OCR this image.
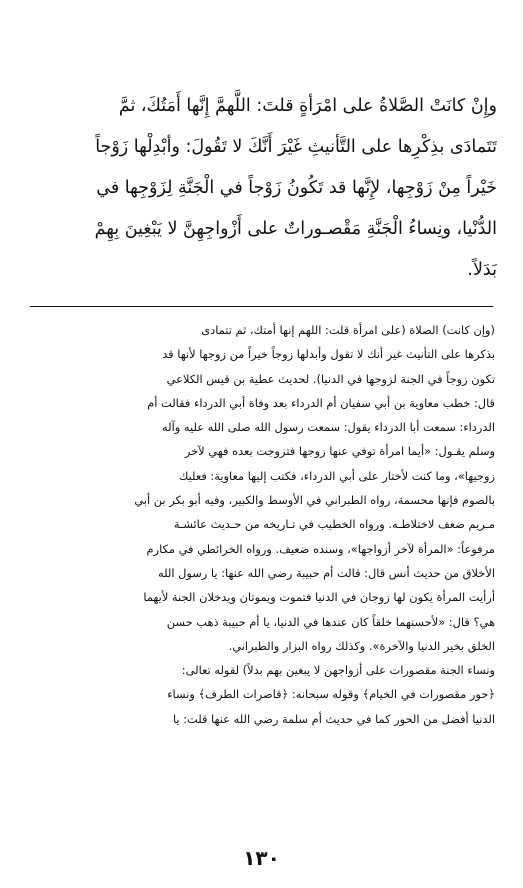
وإِنْ كانَتْ الصَّلاةُ على امْرَأةٍ قلتَ: اللَّهمَّ إِنَّها أَمَتُكَ، ثمَّ
تَتَمادَى بذِكْرِها على التَّأنيثِ غَيْرَ أَنَّكَ لا تَقُولَ: وأبْدِلْها زَوْجاً
خَيْراً مِنْ زَوْجِها، لإِنَّها قد تَكُونُ زَوْجاً في الْجَنَّةِ لِزَوْجِها في
الدُّنْيا، ونِساءُ الْجَنَّةِ مَقْصـوراتٌ على أَزْواجِهِنَّ لا يَبْغِينَ بِهِمْ
بَدَلاً.
(وإن كانت) الصلاة (على امرأة قلت: اللهم إنها أمتك، ثم تتمادى
بذكرها على التأنيث غير أنك لا تقول وأبدلها زوجاً خيراً من زوجها لأنها قد
تكون زوجاً في الجنة لزوجها في الدنيا). لحديث عطية بن قيس الكلاعي
قال: خطب معاوية بن أبي سفيان أم الدرداء بعد وفاة أبي الدرداء فقالت أم
الدرداء: سمعت أبا الدرداء يقول: سمعت رسول الله صلى الله عليه وآله
وسلم يقـول: «أيما امرأة توفي عنها زوجها فتزوجت بعده فهي لآخر
زوجيها»، وما كنت لأختار على أبي الدرداء، فكتب إليها معاوية: فعليك
بالصوم فإنها محسمة، رواه الطبراني في الأوسط والكبير، وفيه أبو بكر بن أبي
مـريم ضعف لاختلاطـه. ورواه الخطيب في تـاريخه من حـديث عائشـة
مرفوعاً: «المرأة لآخر أزواجها»، وسنده ضعيف. ورواه الخرائطي في مكارم
الأخلاق من حديث أنس قال: قالت أم حبيبة رضي الله عنها: يا رسول الله
أرأيت المرأة يكون لها زوجان في الدنيا فتموت ويموتان ويدخلان الجنة لأيهما
هي؟ قال: «لأحسنهما خلقاً كان عندها في الدنيا، يا أم حبيبة ذهب حسن
الخلق بخير الدنيا والآخرة». وكذلك رواه البزار والطبراني.
ونساء الجنة مقصورات على أزواجهن لا يبغين بهم بدلاً) لقوله تعالى:
﴿حور مقصورات في الخيام﴾ وقوله سبحانه: ﴿قاصرات الطرف﴾ ونساء
الدنيا أفضل من الحور كما في حديث أم سلمة رضي الله عنها قلت: يا
١٣٠
